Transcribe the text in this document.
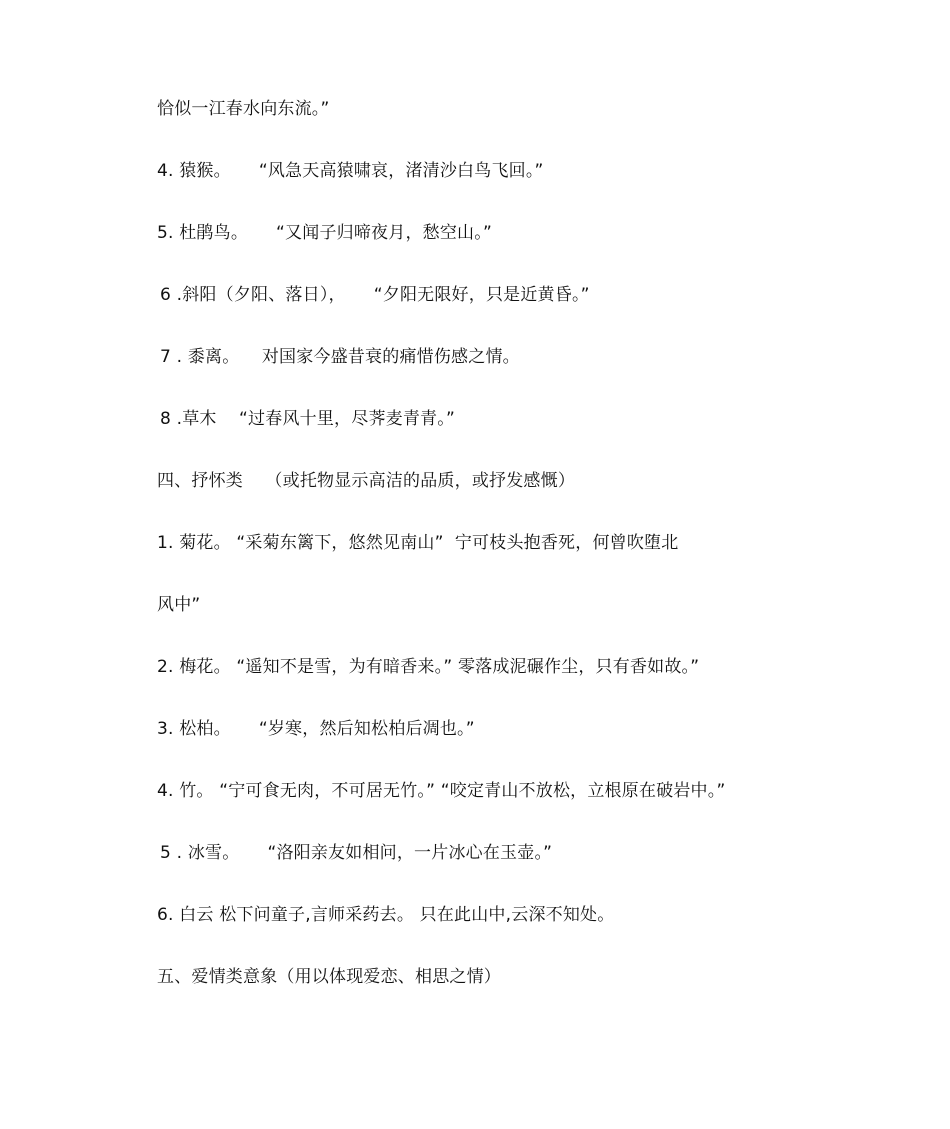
恰似一江春水向东流。”
4. 猿猴。     “风急天高猿啸哀，渚清沙白鸟飞回。”
5. 杜鹃鸟。     “又闻子归啼夜月，愁空山。”
6 .斜阳（夕阳、落日），     “夕阳无限好，只是近黄昏。”
7 . 黍离。    对国家今盛昔衰的痛惜伤感之情。
8 .草木    “过春风十里，尽荠麦青青。”
四、抒怀类    （或托物显示高洁的品质，或抒发感慨）
1. 菊花。 “采菊东篱下，悠然见南山”  宁可枝头抱香死，何曾吹堕北
风中”
2. 梅花。 “遥知不是雪，为有暗香来。” 零落成泥碾作尘，只有香如故。”
3. 松柏。     “岁寒，然后知松柏后凋也。”
4. 竹。 “宁可食无肉，不可居无竹。” “咬定青山不放松，立根原在破岩中。”
5 . 冰雪。     “洛阳亲友如相问，一片冰心在玉壶。”
6. 白云 松下问童子,言师采药去。 只在此山中,云深不知处。
五、爱情类意象（用以体现爱恋、相思之情）
